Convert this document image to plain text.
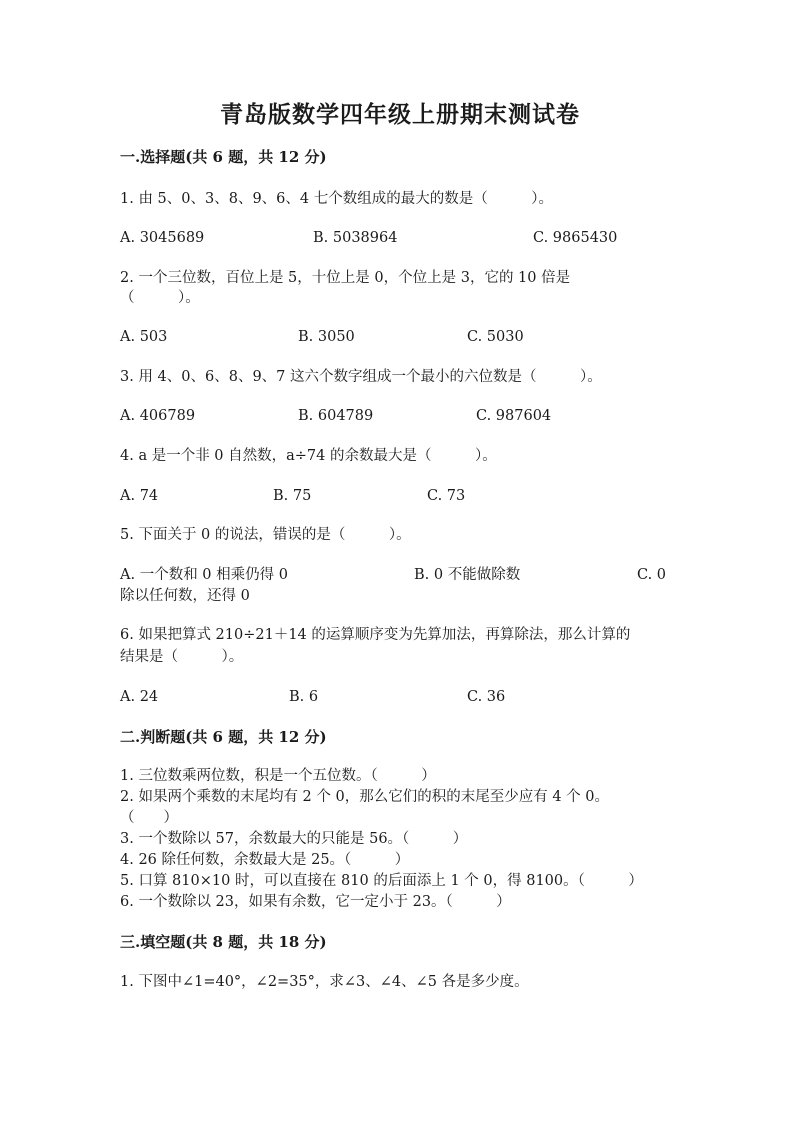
青岛版数学四年级上册期末测试卷
一.选择题(共 6 题，共 12 分)
1. 由 5、0、3、8、9、6、4 七个数组成的最大的数是（　　　）。
A. 3045689	B. 5038964	C. 9865430
2. 一个三位数，百位上是 5，十位上是 0，个位上是 3，它的 10 倍是
（　　　）。
A. 503	B. 3050	C. 5030
3. 用 4、0、6、8、9、7 这六个数字组成一个最小的六位数是（　　　）。
A. 406789	B. 604789	C. 987604
4. a 是一个非 0 自然数，a÷74 的余数最大是（　　　）。
A. 74	B. 75	C. 73
5. 下面关于 0 的说法，错误的是（　　　）。
A. 一个数和 0 相乘仍得 0	B. 0 不能做除数	C. 0
除以任何数，还得 0
6. 如果把算式 210÷21＋14 的运算顺序变为先算加法，再算除法，那么计算的
结果是（　　　）。
A. 24	B. 6	C. 36
二.判断题(共 6 题，共 12 分)
1. 三位数乘两位数，积是一个五位数。（　　　）
2. 如果两个乘数的末尾均有 2 个 0，那么它们的积的末尾至少应有 4 个 0。
（　　）
3. 一个数除以 57，余数最大的只能是 56。（　　　）
4. 26 除任何数，余数最大是 25。（　　　）
5. 口算 810×10 时，可以直接在 810 的后面添上 1 个 0，得 8100。（　　　）
6. 一个数除以 23，如果有余数，它一定小于 23。（　　　）
三.填空题(共 8 题，共 18 分)
1. 下图中∠1=40°，∠2=35°，求∠3、∠4、∠5 各是多少度。
